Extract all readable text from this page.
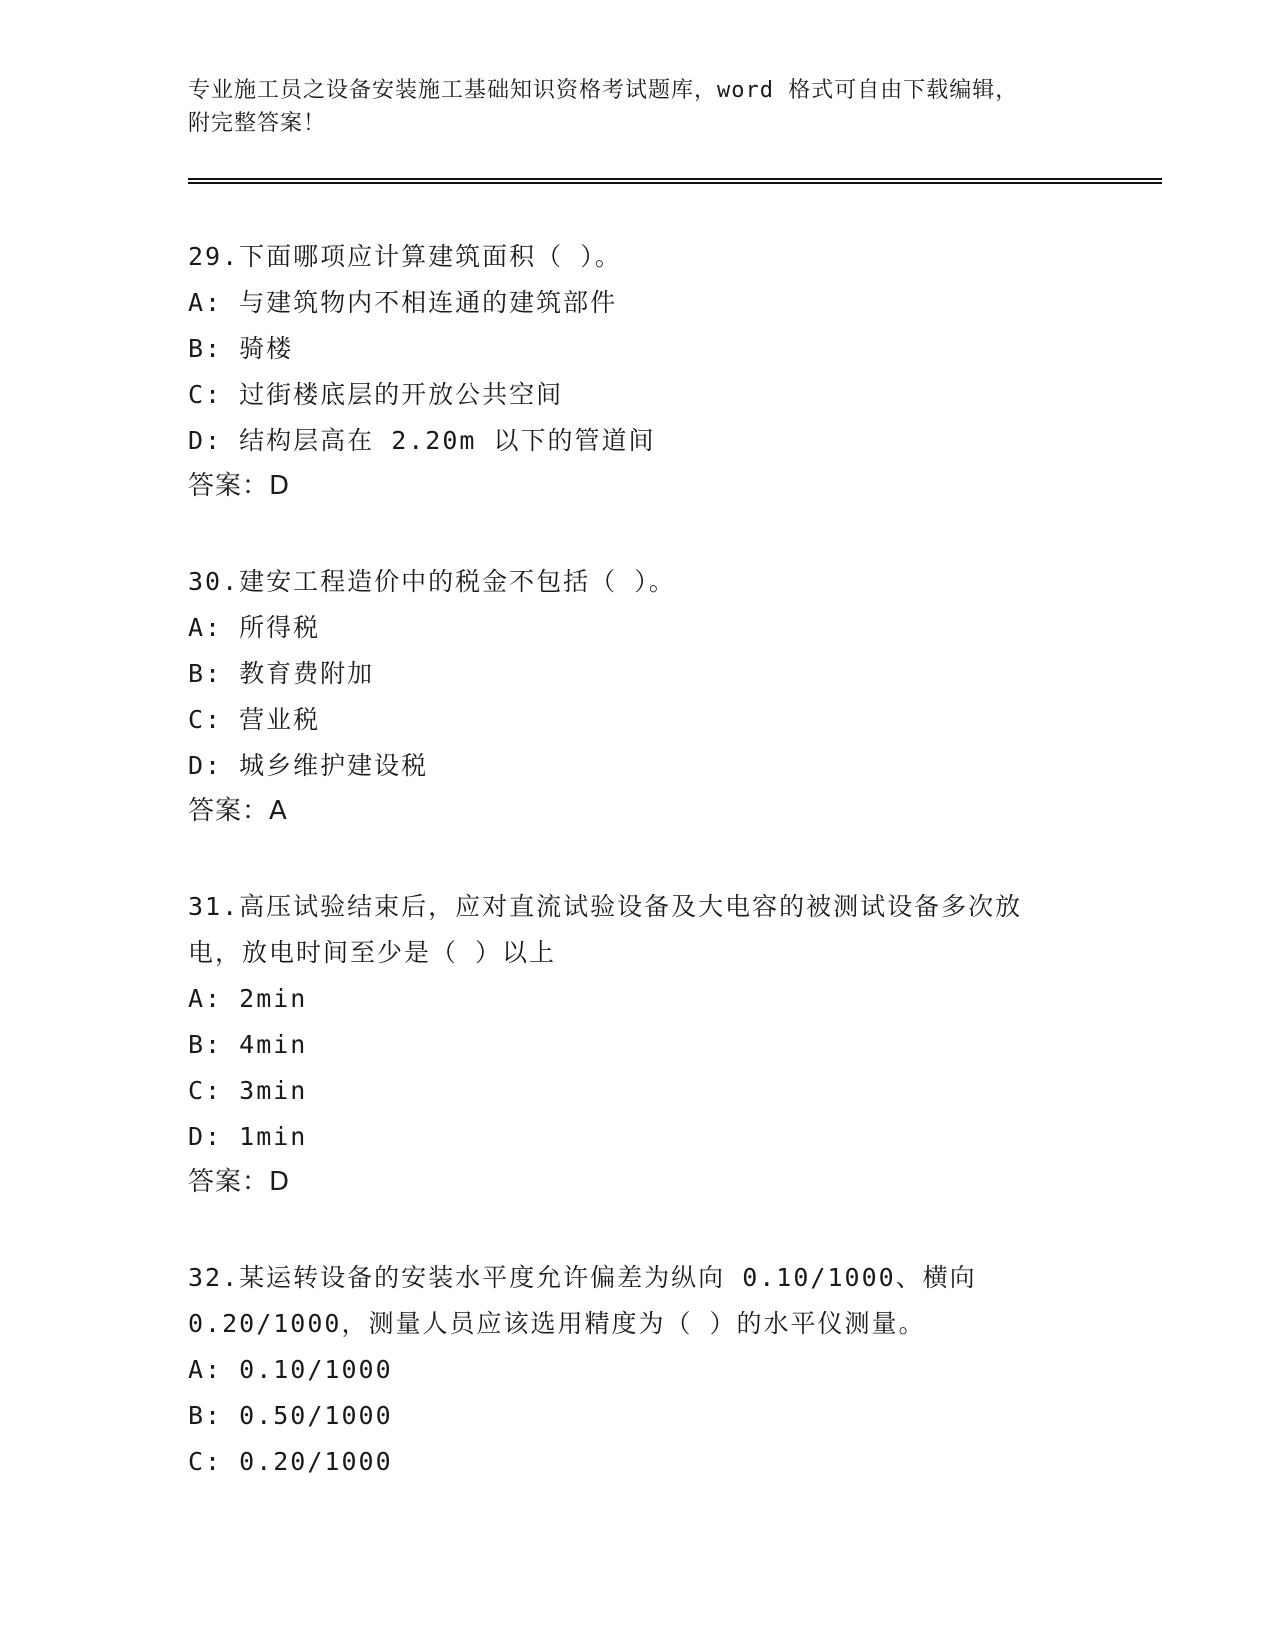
专业施工员之设备安装施工基础知识资格考试题库，word 格式可自由下载编辑，
附完整答案！
29.下面哪项应计算建筑面积（ ）。
A: 与建筑物内不相连通的建筑部件
B: 骑楼
C: 过街楼底层的开放公共空间
D: 结构层高在 2.20m 以下的管道间
答案：D
30.建安工程造价中的税金不包括（ ）。
A: 所得税
B: 教育费附加
C: 营业税
D: 城乡维护建设税
答案：A
31.高压试验结束后，应对直流试验设备及大电容的被测试设备多次放
电，放电时间至少是（ ）以上
A: 2min
B: 4min
C: 3min
D: 1min
答案：D
32.某运转设备的安装水平度允许偏差为纵向 0.10/1000、横向
0.20/1000，测量人员应该选用精度为（ ）的水平仪测量。
A: 0.10/1000
B: 0.50/1000
C: 0.20/1000
